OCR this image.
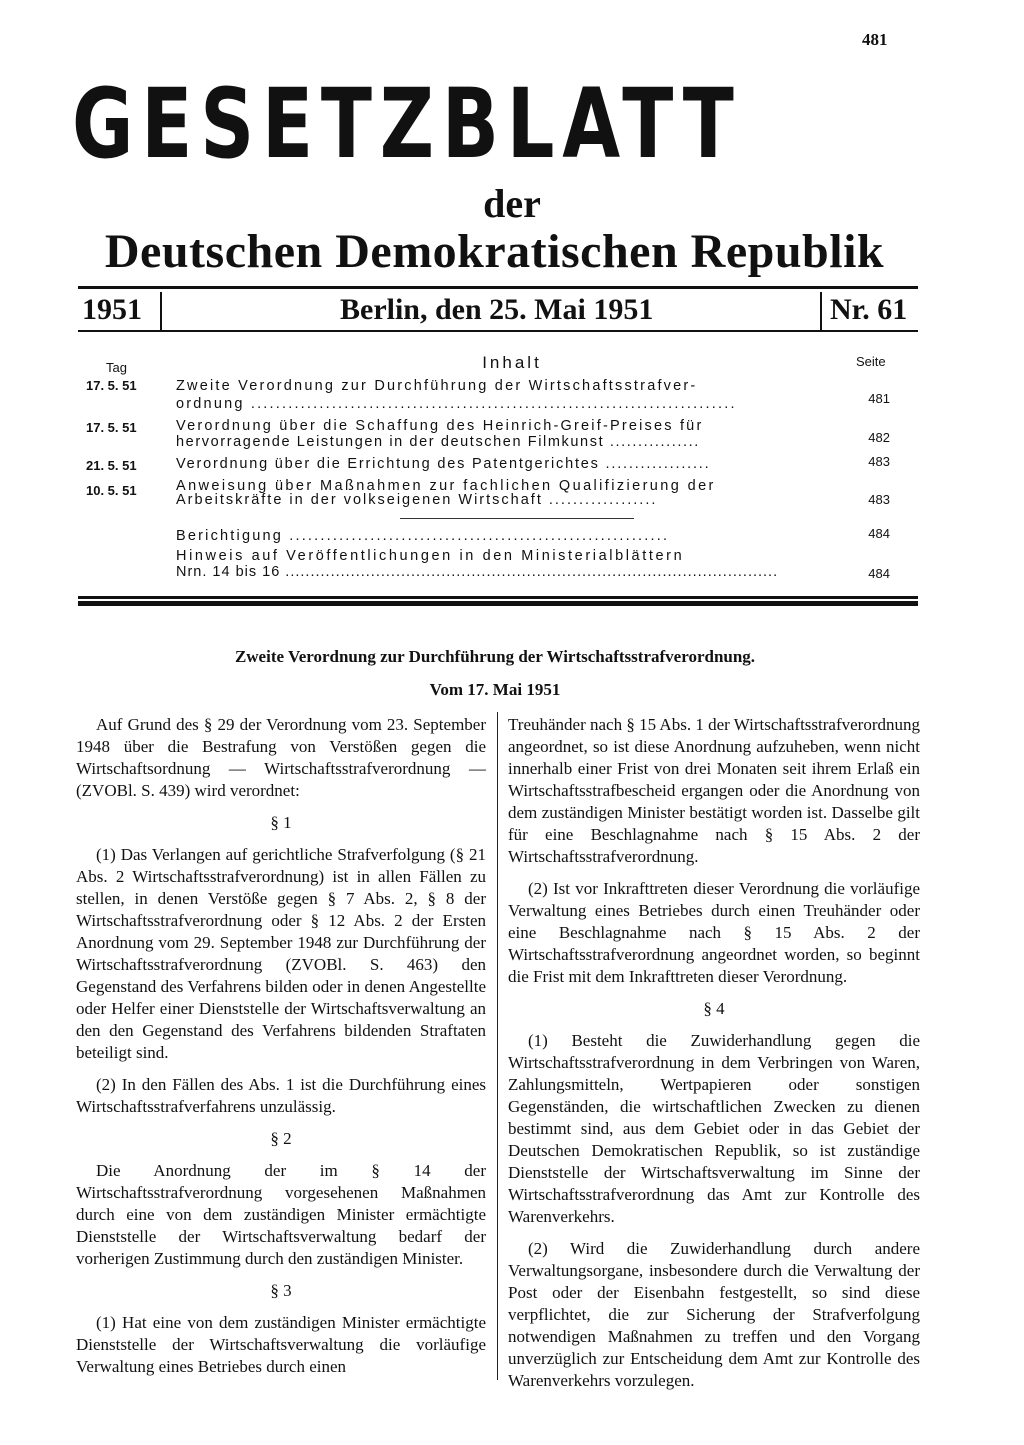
481
GESETZBLATT
der
Deutschen Demokratischen Republik
1951	Berlin, den 25. Mai 1951	Nr. 61
Tag	Inhalt	Seite
17. 5. 51	Zweite Verordnung zur Durchführung der Wirtschaftsstrafver-
ordnung ..............................................................................	481
17. 5. 51	Verordnung über die Schaffung des Heinrich-Greif-Preises für
hervorragende Leistungen in der deutschen Filmkunst ................	482
21. 5. 51	Verordnung über die Errichtung des Patentgerichtes ..................	483
10. 5. 51	Anweisung über Maßnahmen zur fachlichen Qualifizierung der
Arbeitskräfte in der volkseigenen Wirtschaft ..................	483
Berichtigung .............................................................	484
Hinweis auf Veröffentlichungen in den Ministerialblättern
Nrn. 14 bis 16 ..................................................................................................	484
Zweite Verordnung zur Durchführung der Wirtschaftsstrafverordnung.
Vom 17. Mai 1951

Auf Grund des § 29 der Verordnung vom 23. September 1948 über die Bestrafung von Verstößen gegen die Wirtschaftsordnung — Wirtschaftsstrafverordnung — (ZVOBl. S. 439) wird verordnet:

§ 1

(1) Das Verlangen auf gerichtliche Strafverfolgung (§ 21 Abs. 2 Wirtschaftsstrafverordnung) ist in allen Fällen zu stellen, in denen Verstöße gegen § 7 Abs. 2, § 8 der Wirtschaftsstrafverordnung oder § 12 Abs. 2 der Ersten Anordnung vom 29. September 1948 zur Durchführung der Wirtschaftsstrafverordnung (ZVOBl. S. 463) den Gegenstand des Verfahrens bilden oder in denen Angestellte oder Helfer einer Dienststelle der Wirtschaftsverwaltung an den den Gegenstand des Verfahrens bildenden Straftaten beteiligt sind.

(2) In den Fällen des Abs. 1 ist die Durchführung eines Wirtschaftsstrafverfahrens unzulässig.

§ 2

Die Anordnung der im § 14 der Wirtschaftsstrafverordnung vorgesehenen Maßnahmen durch eine von dem zuständigen Minister ermächtigte Dienststelle der Wirtschaftsverwaltung bedarf der vorherigen Zustimmung durch den zuständigen Minister.

§ 3

(1) Hat eine von dem zuständigen Minister ermächtigte Dienststelle der Wirtschaftsverwaltung die vorläufige Verwaltung eines Betriebes durch einen

Treuhänder nach § 15 Abs. 1 der Wirtschaftsstrafverordnung angeordnet, so ist diese Anordnung aufzuheben, wenn nicht innerhalb einer Frist von drei Monaten seit ihrem Erlaß ein Wirtschaftsstrafbescheid ergangen oder die Anordnung von dem zuständigen Minister bestätigt worden ist. Dasselbe gilt für eine Beschlagnahme nach § 15 Abs. 2 der Wirtschaftsstrafverordnung.

(2) Ist vor Inkrafttreten dieser Verordnung die vorläufige Verwaltung eines Betriebes durch einen Treuhänder oder eine Beschlagnahme nach § 15 Abs. 2 der Wirtschaftsstrafverordnung angeordnet worden, so beginnt die Frist mit dem Inkrafttreten dieser Verordnung.

§ 4

(1) Besteht die Zuwiderhandlung gegen die Wirtschaftsstrafverordnung in dem Verbringen von Waren, Zahlungsmitteln, Wertpapieren oder sonstigen Gegenständen, die wirtschaftlichen Zwecken zu dienen bestimmt sind, aus dem Gebiet oder in das Gebiet der Deutschen Demokratischen Republik, so ist zuständige Dienststelle der Wirtschaftsverwaltung im Sinne der Wirtschaftsstrafverordnung das Amt zur Kontrolle des Warenverkehrs.

(2) Wird die Zuwiderhandlung durch andere Verwaltungsorgane, insbesondere durch die Verwaltung der Post oder der Eisenbahn festgestellt, so sind diese verpflichtet, die zur Sicherung der Strafverfolgung notwendigen Maßnahmen zu treffen und den Vorgang unverzüglich zur Entscheidung dem Amt zur Kontrolle des Warenverkehrs vorzulegen.
